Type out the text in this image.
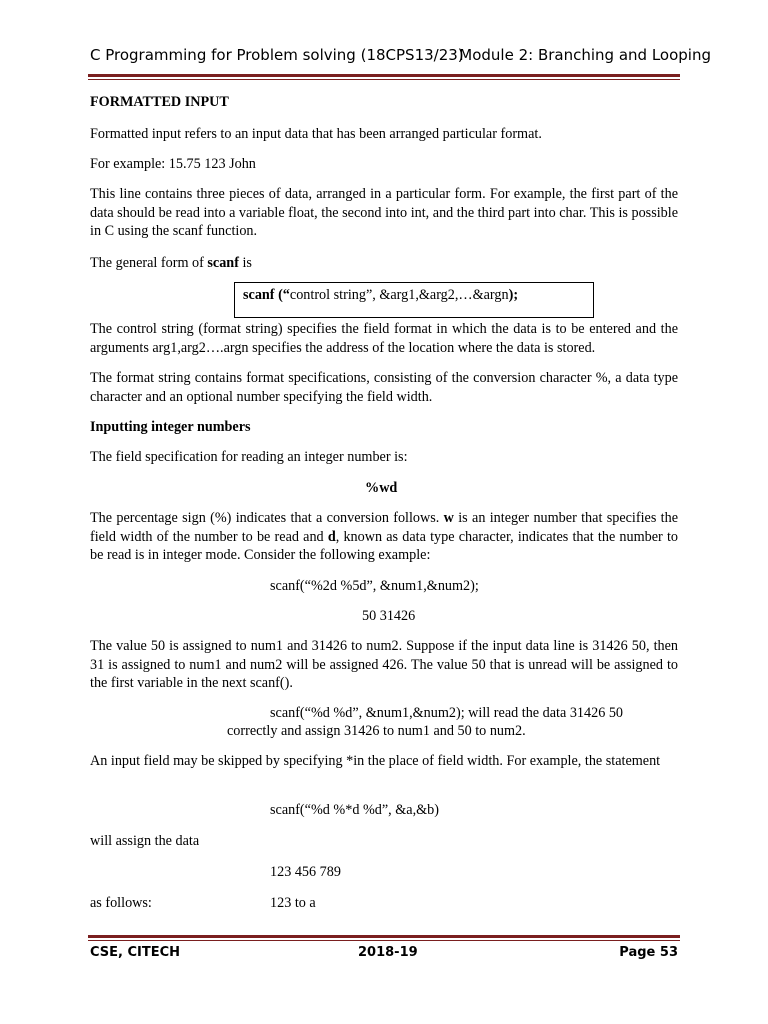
C Programming for Problem solving (18CPS13/23)
Module 2: Branching and Looping
FORMATTED INPUT
Formatted input refers to an input data that has been arranged particular format.
For example: 15.75 123 John
This line contains three pieces of data, arranged in a particular form. For example, the first part of the data should be read into a variable float, the second into int, and the third part into char. This is possible in C using the scanf function.
The general form of scanf is
scanf (“control string”, &arg1,&arg2,…&argn);
The control string (format string) specifies the field format in which the data is to be entered and the arguments arg1,arg2….argn specifies the address of the location where the data is stored.
The format string contains format specifications, consisting of the conversion character %, a data type character and an optional number specifying the field width.
Inputting integer numbers
The field specification for reading an integer number is:
%wd
The percentage sign (%) indicates that a conversion follows. w is an integer number that specifies the field width of the number to be read and d, known as data type character, indicates that the number to be read is in integer mode. Consider the following example:
scanf(“%2d %5d”, &num1,&num2);
50 31426
The value 50 is assigned to num1 and 31426 to num2. Suppose if the input data line is 31426 50, then 31 is assigned to num1 and num2 will be assigned 426. The value 50 that is unread will be assigned to the first variable in the next scanf().
scanf(“%d %d”, &num1,&num2); will read the data 31426 50
correctly and assign 31426 to num1 and 50 to num2.
An input field may be skipped by specifying *in the place of field width. For example, the statement
scanf(“%d %*d %d”, &a,&b)
will assign the data
123 456 789
as follows:	123 to a
CSE, CITECH	2018-19	Page 53
